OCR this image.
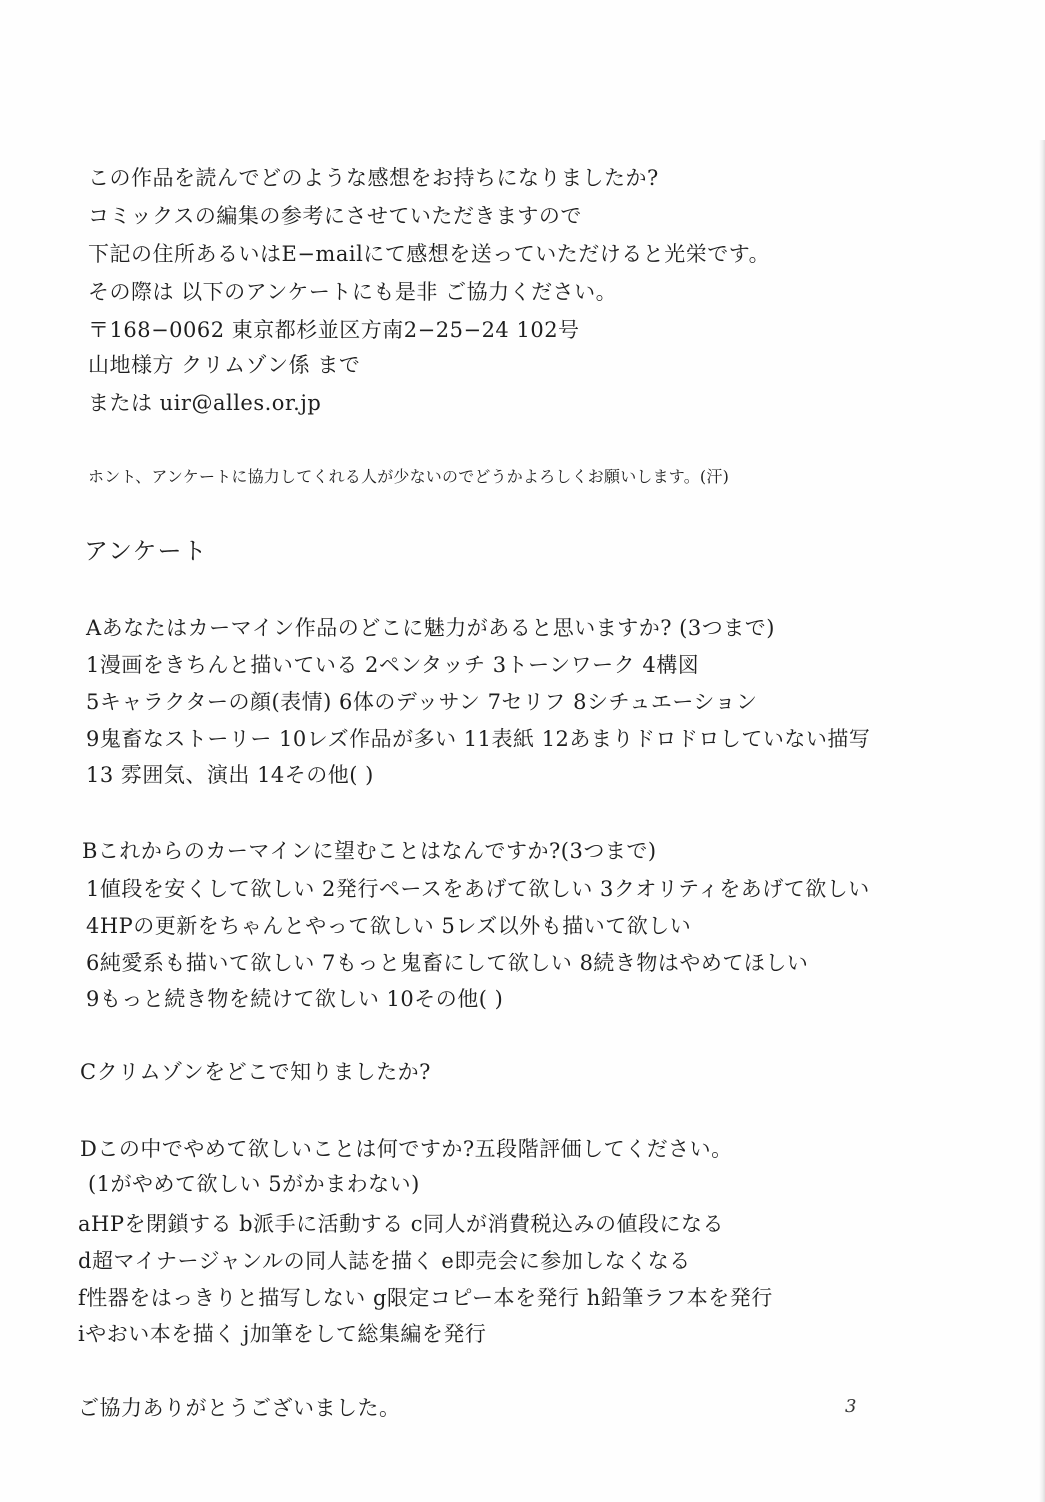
この作品を読んでどのような感想をお持ちになりましたか?
コミックスの編集の参考にさせていただきますので
下記の住所あるいはE−mailにて感想を送っていただけると光栄です。
その際は 以下のアンケートにも是非 ご協力ください。
〒168−0062 東京都杉並区方南2−25−24 102号
山地様方 クリムゾン係 まで
または uir@alles.or.jp
ホント、アンケートに協力してくれる人が少ないのでどうかよろしくお願いします。(汗)
アンケート
Aあなたはカーマイン作品のどこに魅力があると思いますか? (3つまで)
1漫画をきちんと描いている 2ペンタッチ 3トーンワーク 4構図
5キャラクターの顔(表情) 6体のデッサン 7セリフ 8シチュエーション
9鬼畜なストーリー 10レズ作品が多い 11表紙 12あまりドロドロしていない描写
13 雰囲気、演出 14その他( )
Bこれからのカーマインに望むことはなんですか?(3つまで)
1値段を安くして欲しい 2発行ペースをあげて欲しい 3クオリティをあげて欲しい
4HPの更新をちゃんとやって欲しい 5レズ以外も描いて欲しい
6純愛系も描いて欲しい 7もっと鬼畜にして欲しい 8続き物はやめてほしい
9もっと続き物を続けて欲しい 10その他( )
Cクリムゾンをどこで知りましたか?
Dこの中でやめて欲しいことは何ですか?五段階評価してください。
(1がやめて欲しい 5がかまわない)
aHPを閉鎖する b派手に活動する c同人が消費税込みの値段になる
d超マイナージャンルの同人誌を描く e即売会に参加しなくなる
f性器をはっきりと描写しない g限定コピー本を発行 h鉛筆ラフ本を発行
iやおい本を描く j加筆をして総集編を発行
ご協力ありがとうございました。	3
